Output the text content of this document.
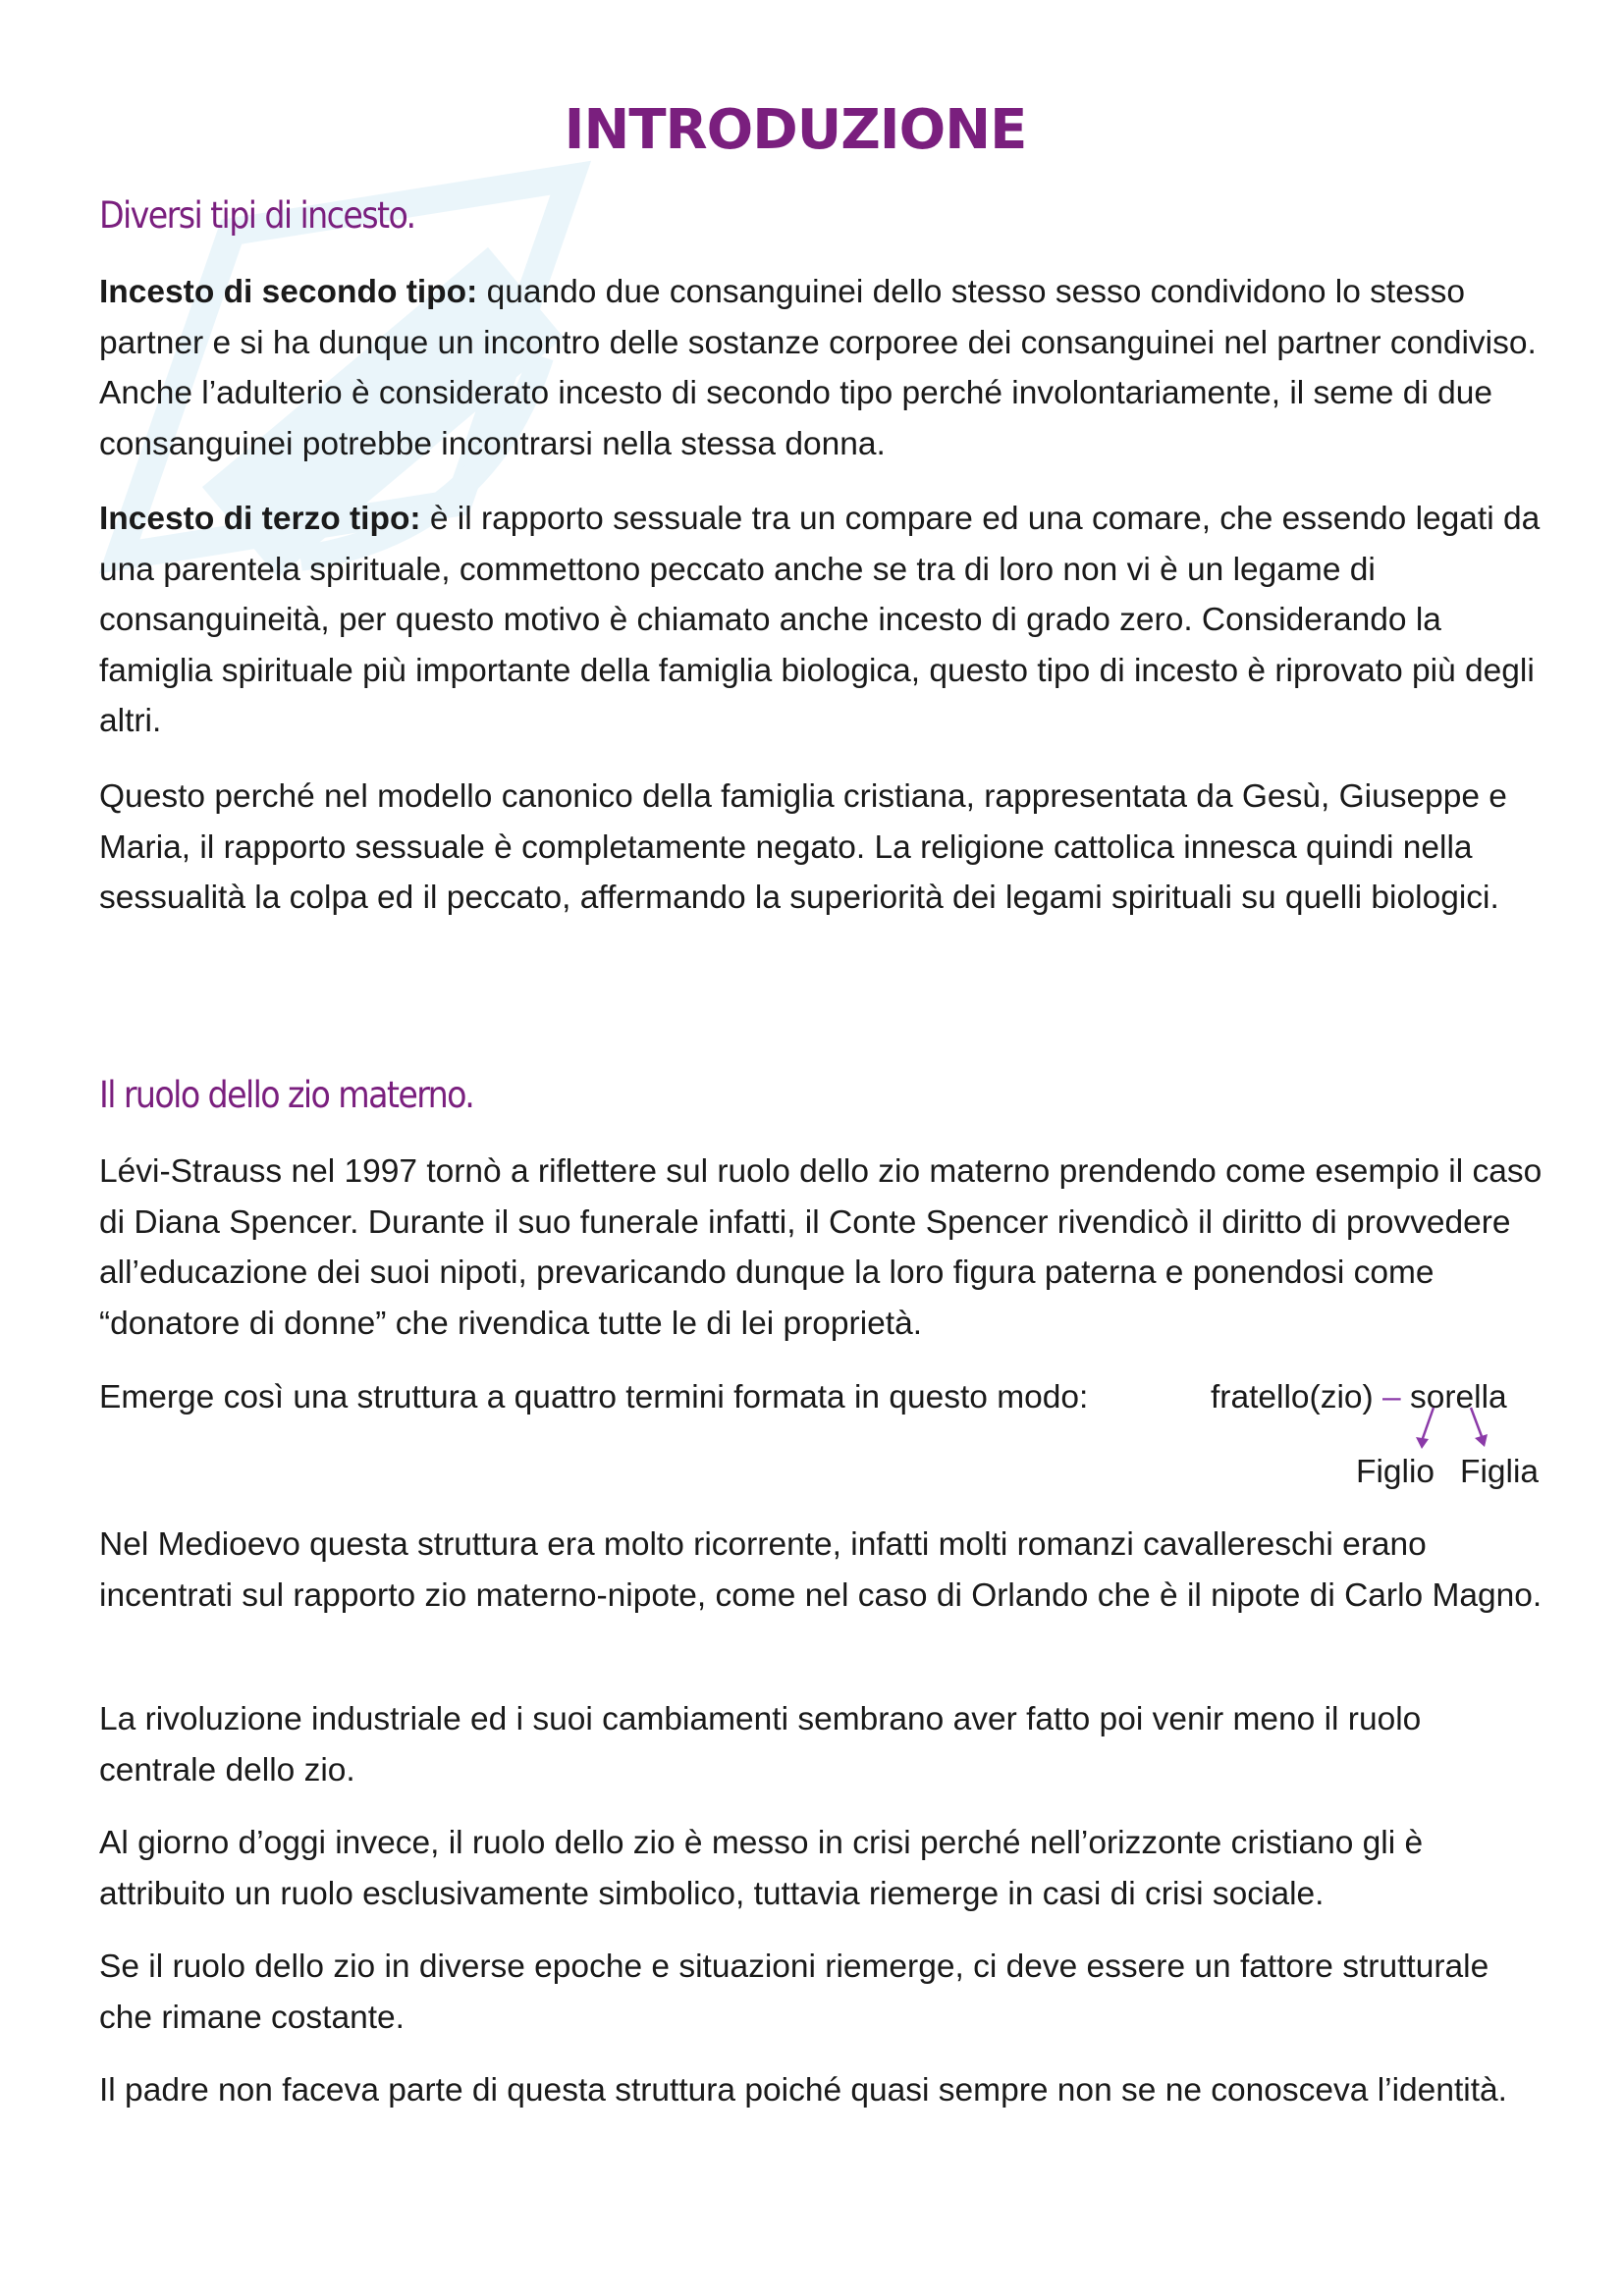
INTRODUZIONE
Diversi tipi di incesto.
Incesto di secondo tipo: quando due consanguinei dello stesso sesso condividono lo stesso partner e si ha dunque un incontro delle sostanze corporee dei consanguinei nel partner condiviso. Anche l’adulterio è considerato incesto di secondo tipo perché involontariamente, il seme di due consanguinei potrebbe incontrarsi nella stessa donna.
Incesto di terzo tipo: è il rapporto sessuale tra un compare ed una comare, che essendo legati da una parentela spirituale, commettono peccato anche se tra di loro non vi è un legame di consanguineità, per questo motivo è chiamato anche incesto di grado zero. Considerando la famiglia spirituale più importante della famiglia biologica, questo tipo di incesto è riprovato più degli altri.
Questo perché nel modello canonico della famiglia cristiana, rappresentata da Gesù, Giuseppe e Maria, il rapporto sessuale è completamente negato. La religione cattolica innesca quindi nella sessualità la colpa ed il peccato, affermando la superiorità dei legami spirituali su quelli biologici.
Il ruolo dello zio materno.
Lévi-Strauss nel 1997 tornò a riflettere sul ruolo dello zio materno prendendo come esempio il caso di Diana Spencer. Durante il suo funerale infatti, il Conte Spencer rivendicò il diritto di provvedere all’educazione dei suoi nipoti, prevaricando dunque la loro figura paterna e ponendosi come “donatore di donne” che rivendica tutte le di lei proprietà.
Emerge così una struttura a quattro termini formata in questo modo:	fratello(zio) – sorella
Figlio Figlia
Nel Medioevo questa struttura era molto ricorrente, infatti molti romanzi cavallereschi erano incentrati sul rapporto zio materno-nipote, come nel caso di Orlando che è il nipote di Carlo Magno.
La rivoluzione industriale ed i suoi cambiamenti sembrano aver fatto poi venir meno il ruolo centrale dello zio.
Al giorno d’oggi invece, il ruolo dello zio è messo in crisi perché nell’orizzonte cristiano gli è attribuito un ruolo esclusivamente simbolico, tuttavia riemerge in casi di crisi sociale.
Se il ruolo dello zio in diverse epoche e situazioni riemerge, ci deve essere un fattore strutturale che rimane costante.
Il padre non faceva parte di questa struttura poiché quasi sempre non se ne conosceva l’identità.
